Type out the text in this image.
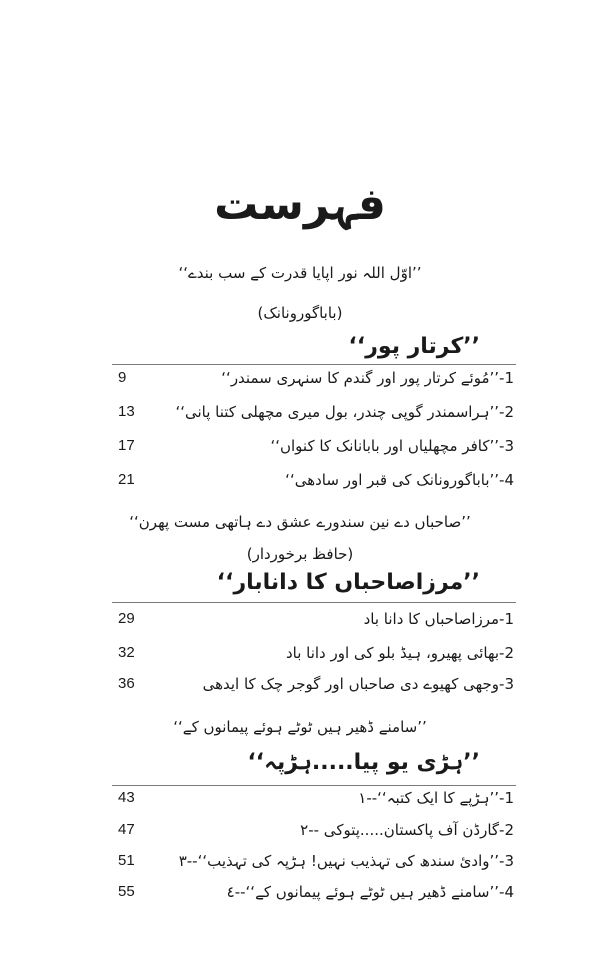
فہرست
’’اوّل اللہ نور اپایا قدرت کے سب بندے‘‘
(باباگورونانک)
’’کرتار پور‘‘
1-’’مُوئے کرتار پور اور گندم کا سنہری سمندر‘‘
9
2-’’ہراسمندر گوپی چندر، بول میری مچھلی کتنا پانی‘‘
13
3-’’کافر مچھلیاں اور بابانانک کا کنواں‘‘
17
4-’’باباگورونانک کی قبر اور سادھی‘‘
21
’’صاحباں دے نین سندورے عشق دے ہاتھی مست پھرن‘‘
(حافظ برخوردار)
’’مرزاصاحباں کا دانابار‘‘
1-مرزاصاحباں کا دانا باد
29
2-بھائی پھیرو، ہیڈ بلو کی اور دانا باد
32
3-وجھی کھیوے دی صاحباں اور گوجر چک کا ایدھی
36
’’سامنے ڈھیر ہیں ٹوٹے ہوئے پیمانوں کے‘‘
’’ہڑی یو پیا.....ہڑپہ‘‘
1-’’ہڑپے کا ایک کتبہ‘‘--١
43
2-گارڈن آف پاکستان.....پتوکی --٢
47
3-’’وادیٔ سندھ کی تہذیب نہیں! ہڑپہ کی تہذیب‘‘--٣
51
4-’’سامنے ڈھیر ہیں ٹوٹے ہوئے پیمانوں کے‘‘--٤
55
